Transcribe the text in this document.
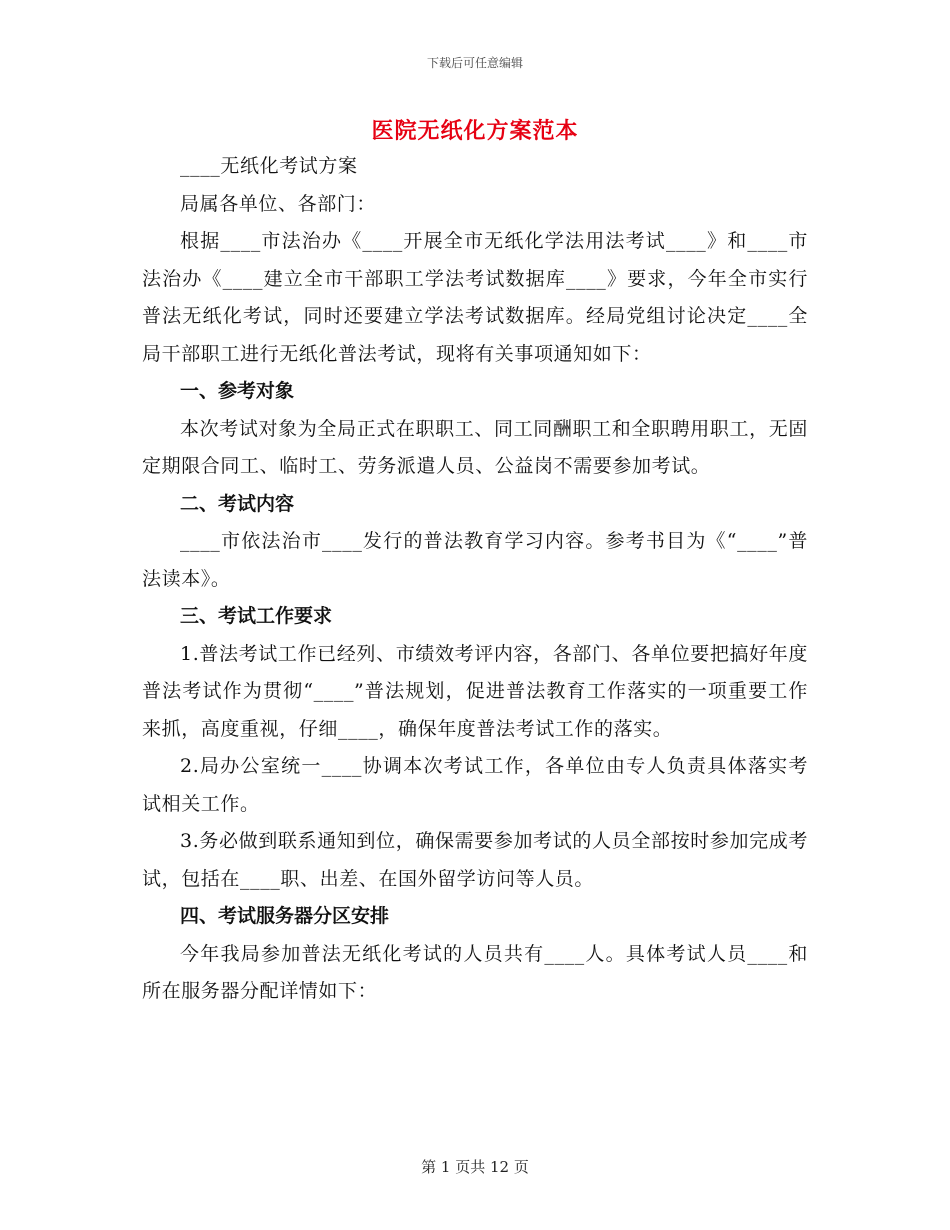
下载后可任意编辑
医院无纸化方案范本

____无纸化考试方案

局属各单位、各部门：

根据____市法治办《____开展全市无纸化学法用法考试____》和____市法治办《____建立全市干部职工学法考试数据库____》要求，今年全市实行普法无纸化考试，同时还要建立学法考试数据库。经局党组讨论决定____全局干部职工进行无纸化普法考试，现将有关事项通知如下：

一、参考对象

本次考试对象为全局正式在职职工、同工同酬职工和全职聘用职工，无固定期限合同工、临时工、劳务派遣人员、公益岗不需要参加考试。

二、考试内容

____市依法治市____发行的普法教育学习内容。参考书目为《“____”普法读本》。

三、考试工作要求

1.普法考试工作已经列、市绩效考评内容，各部门、各单位要把搞好年度普法考试作为贯彻“____”普法规划，促进普法教育工作落实的一项重要工作来抓，高度重视，仔细____，确保年度普法考试工作的落实。

2.局办公室统一____协调本次考试工作，各单位由专人负责具体落实考试相关工作。

3.务必做到联系通知到位，确保需要参加考试的人员全部按时参加完成考试，包括在____职、出差、在国外留学访问等人员。

四、考试服务器分区安排

今年我局参加普法无纸化考试的人员共有____人。具体考试人员____和所在服务器分配详情如下：

第 1 页共 12 页
